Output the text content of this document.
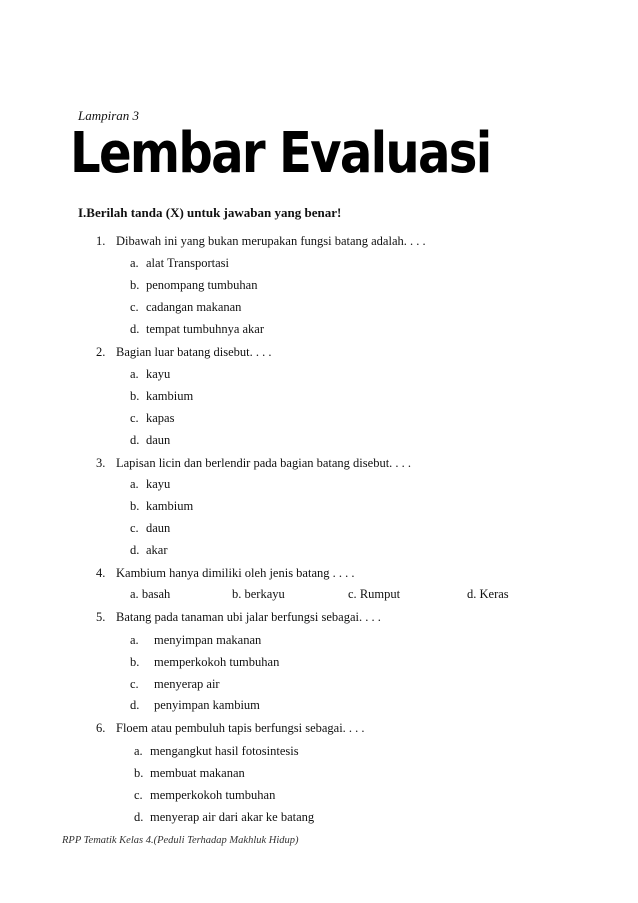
Lampiran 3
Lembar Evaluasi
I.Berilah tanda (X) untuk jawaban yang benar!
1. Dibawah ini yang bukan merupakan fungsi batang adalah. . . .
a. alat Transportasi
b. penompang tumbuhan
c. cadangan makanan
d. tempat tumbuhnya akar
2. Bagian luar batang disebut. . . .
a. kayu
b. kambium
c. kapas
d. daun
3. Lapisan licin dan berlendir pada bagian batang disebut. . . .
a. kayu
b. kambium
c. daun
d. akar
4. Kambium hanya dimiliki oleh jenis batang . . . .
a. basah	b. berkayu	c. Rumput	d. Keras
5. Batang pada tanaman ubi jalar berfungsi sebagai. . . .
a. menyimpan makanan
b. memperkokoh tumbuhan
c. menyerap air
d. penyimpan kambium
6. Floem atau pembuluh tapis berfungsi sebagai. . . .
a. mengangkut hasil fotosintesis
b. membuat makanan
c. memperkokoh tumbuhan
d. menyerap air dari akar ke batang
RPP Tematik Kelas 4.(Peduli Terhadap Makhluk Hidup)
